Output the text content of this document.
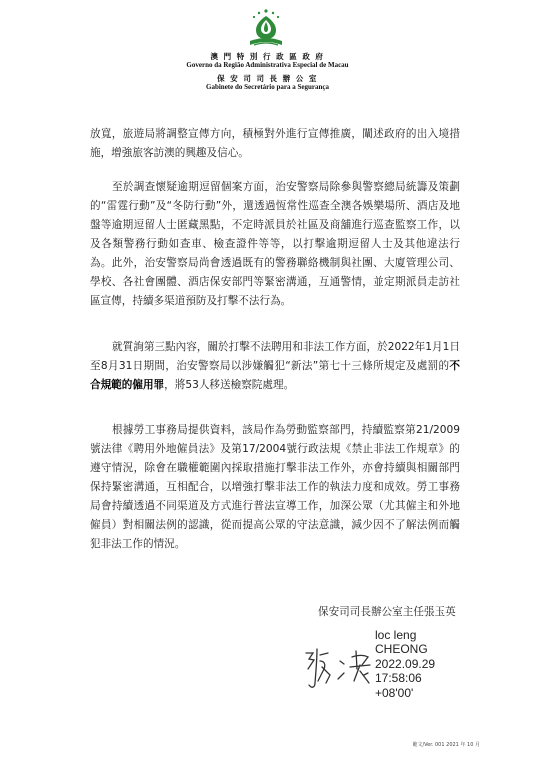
澳 門 特 別 行 政 區 政 府
Governo da Região Administrativa Especial de Macau
保 安 司 司 長 辦 公 室
Gabinete do Secretário para a Segurança
放寬，旅遊局將調整宣傳方向，積極對外進行宣傳推廣，闡述政府的出入境措施，增強旅客訪澳的興趣及信心。
至於調查懷疑逾期逗留個案方面，治安警察局除參與警察總局統籌及策劃的“雷霆行動”及“冬防行動”外，還透過恆常性巡查全澳各娛樂場所、酒店及地盤等逾期逗留人士匿藏黑點，不定時派員於社區及商舖進行巡查監察工作，以及各類警務行動如查車、檢查證件等等，以打擊逾期逗留人士及其他違法行為。此外，治安警察局尚會透過既有的警務聯絡機制與社團、大廈管理公司、學校、各社會團體、酒店保安部門等緊密溝通，互通警情，並定期派員走訪社區宣傳，持續多渠道預防及打擊不法行為。
就質詢第三點內容，關於打擊不法聘用和非法工作方面，於2022年1月1日至8月31日期間，治安警察局以涉嫌觸犯“新法”第七十三條所規定及處罰的不合規範的僱用罪，將53人移送檢察院處理。
根據勞工事務局提供資料，該局作為勞動監察部門，持續監察第21/2009號法律《聘用外地僱員法》及第17/2004號行政法規《禁止非法工作規章》的遵守情況，除會在職權範圍內採取措施打擊非法工作外，亦會持續與相關部門保持緊密溝通，互相配合，以增強打擊非法工作的執法力度和成效。勞工事務局會持續透過不同渠道及方式進行普法宣導工作，加深公眾（尤其僱主和外地僱員）對相關法例的認識，從而提高公眾的守法意識，減少因不了解法例而觸犯非法工作的情況。
保安司司長辦公室主任張玉英
loc leng
CHEONG
2022.09.29
17:58:06
+08'00'
範文/Ver. 001 2021 年 10 月
